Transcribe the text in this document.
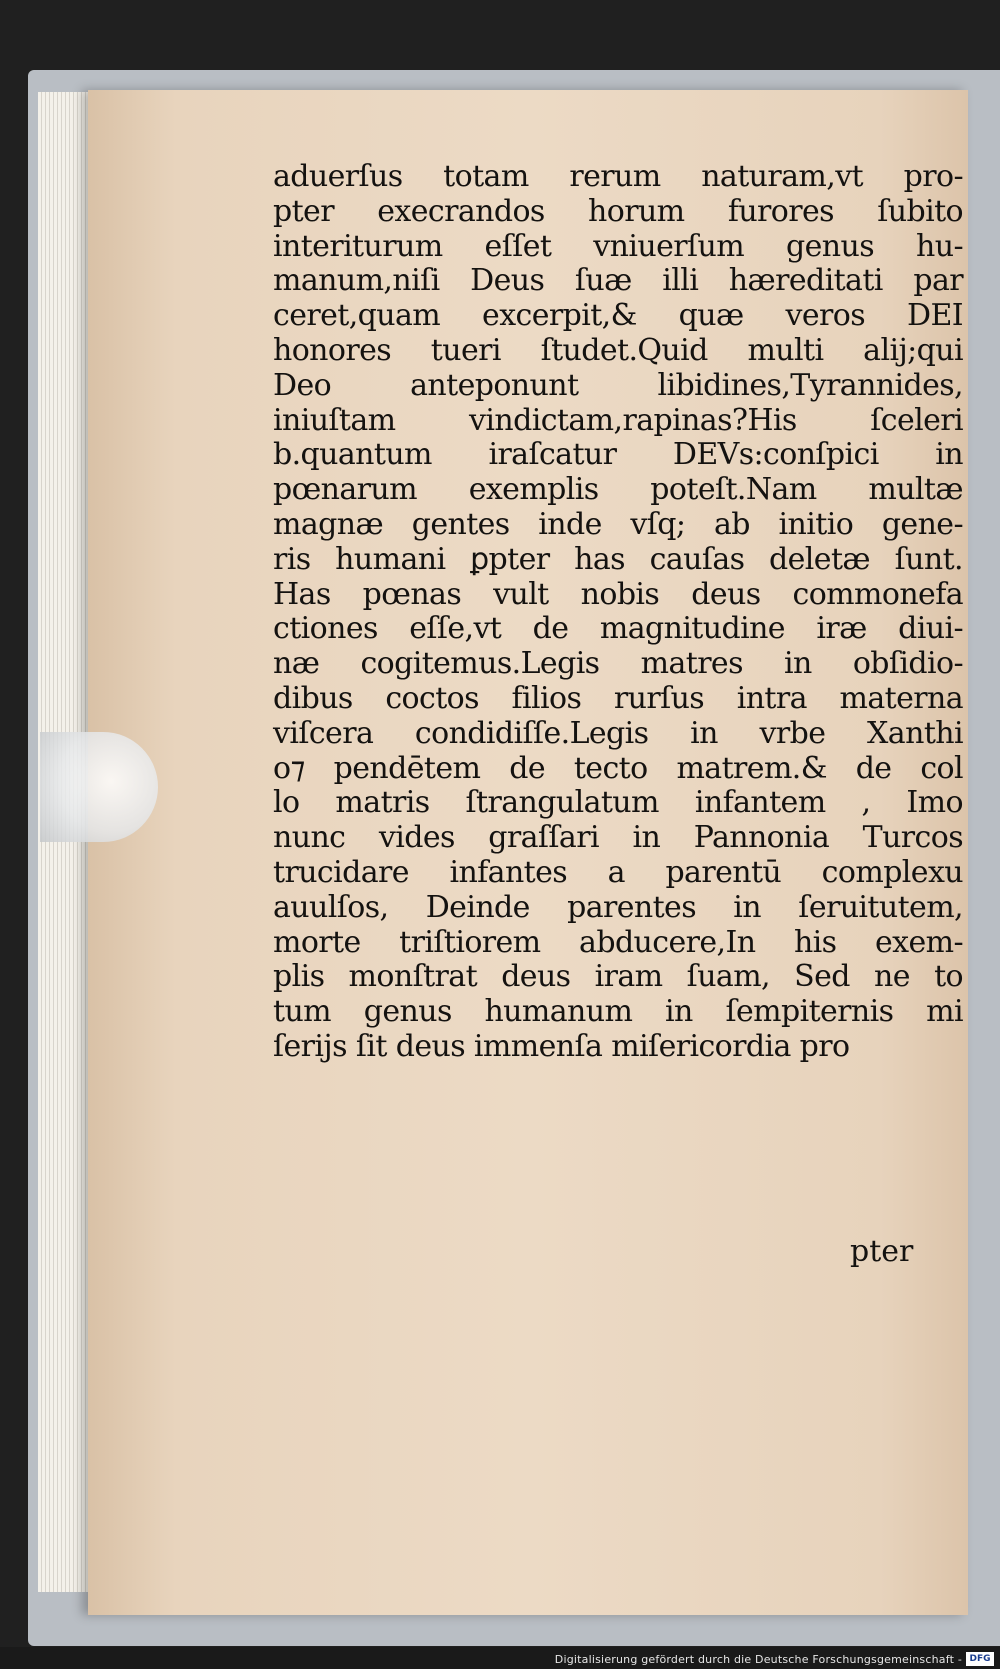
aduerſus totam rerum naturam,vt pro-
pter execrandos horum furores ſubito
interiturum eſſet vniuerſum genus hu-
manum,niſi Deus ſuæ illi hæreditati par
ceret,quam excerpit,& quæ veros DEI
honores tueri ſtudet.Quid multi alij;qui
Deo anteponunt libidines,Tyrannides,
iniuſtam vindictam,rapinas?His ſceleri
b.quantum iraſcatur DEVs:conſpici in
pœnarum exemplis poteſt.Nam multæ
magnæ gentes inde vſq; ab initio gene-
ris humani ꝑpter has cauſas deletæ ſunt.
Has pœnas vult nobis deus commonefa
ctiones eſſe,vt de magnitudine iræ diui-
næ cogitemus.Legis matres in obſidio-
dibus coctos filios rurſus intra materna
viſcera condidiſſe.Legis in vrbe Xanthi
o⁊ pendētem de tecto matrem.& de col
lo matris ſtrangulatum infantem , Imo
nunc vides graſſari in Pannonia Turcos
trucidare infantes a parentū complexu
auulſos, Deinde parentes in ſeruitutem,
morte triſtiorem abducere,In his exem-
plis monſtrat deus iram ſuam, Sed ne to
tum genus humanum in ſempiternis mi
ſerijs ſit deus immenſa miſericordia pro
pter
Digitalisierung gefördert durch die Deutsche Forschungsgemeinschaft - DFG
